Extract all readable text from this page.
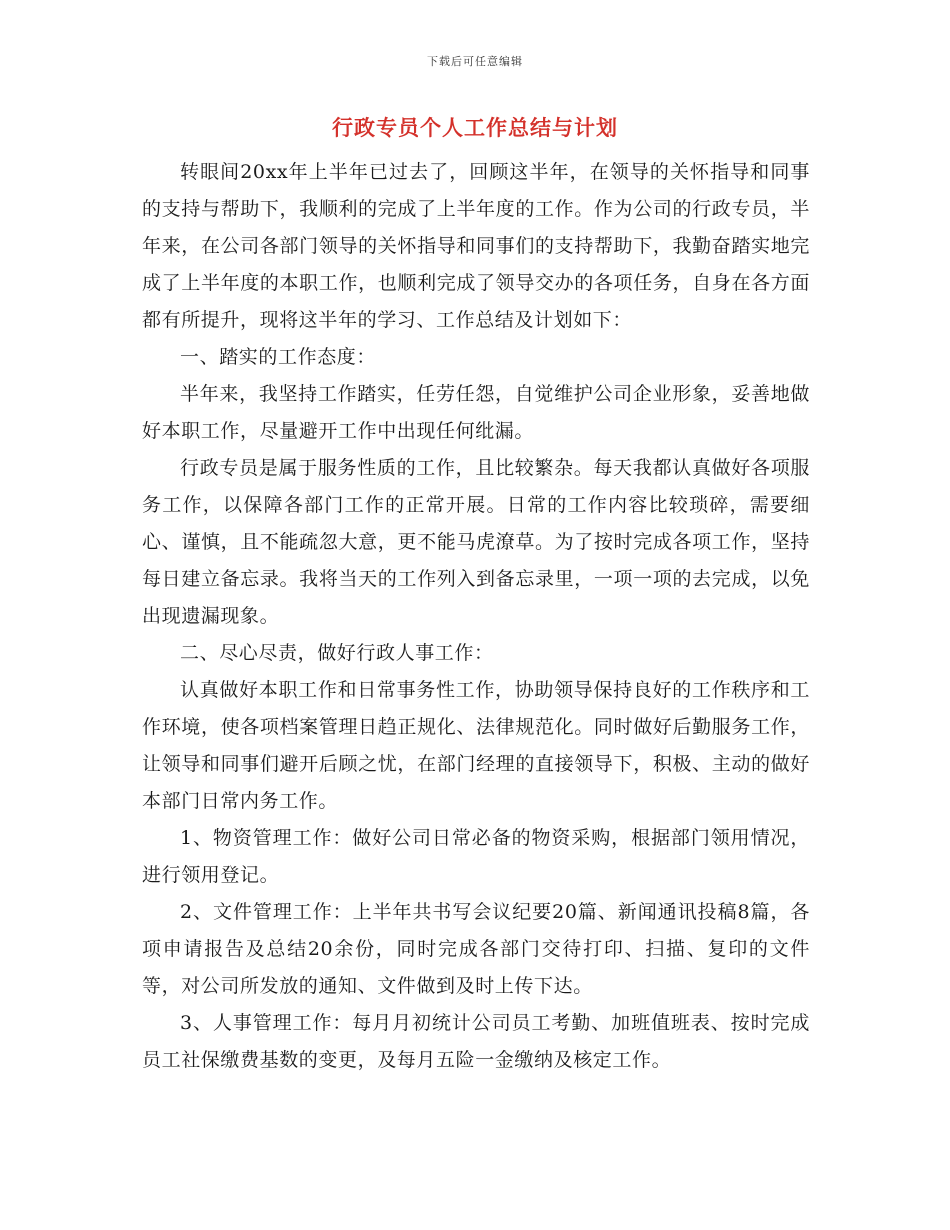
下载后可任意编辑
行政专员个人工作总结与计划

转眼间20xx年上半年已过去了，回顾这半年，在领导的关怀指导和同事的支持与帮助下，我顺利的完成了上半年度的工作。作为公司的行政专员，半年来，在公司各部门领导的关怀指导和同事们的支持帮助下，我勤奋踏实地完成了上半年度的本职工作，也顺利完成了领导交办的各项任务，自身在各方面都有所提升，现将这半年的学习、工作总结及计划如下：

一、踏实的工作态度：

半年来，我坚持工作踏实，任劳任怨，自觉维护公司企业形象，妥善地做好本职工作，尽量避开工作中出现任何纰漏。

行政专员是属于服务性质的工作，且比较繁杂。每天我都认真做好各项服务工作，以保障各部门工作的正常开展。日常的工作内容比较琐碎，需要细心、谨慎，且不能疏忽大意，更不能马虎潦草。为了按时完成各项工作，坚持每日建立备忘录。我将当天的工作列入到备忘录里，一项一项的去完成，以免出现遗漏现象。

二、尽心尽责，做好行政人事工作：

认真做好本职工作和日常事务性工作，协助领导保持良好的工作秩序和工作环境，使各项档案管理日趋正规化、法律规范化。同时做好后勤服务工作，让领导和同事们避开后顾之忧，在部门经理的直接领导下，积极、主动的做好本部门日常内务工作。

1、物资管理工作：做好公司日常必备的物资采购，根据部门领用情况，进行领用登记。

2、文件管理工作：上半年共书写会议纪要20篇、新闻通讯投稿8篇，各项申请报告及总结20余份，同时完成各部门交待打印、扫描、复印的文件等，对公司所发放的通知、文件做到及时上传下达。

3、人事管理工作：每月月初统计公司员工考勤、加班值班表、按时完成员工社保缴费基数的变更，及每月五险一金缴纳及核定工作。
